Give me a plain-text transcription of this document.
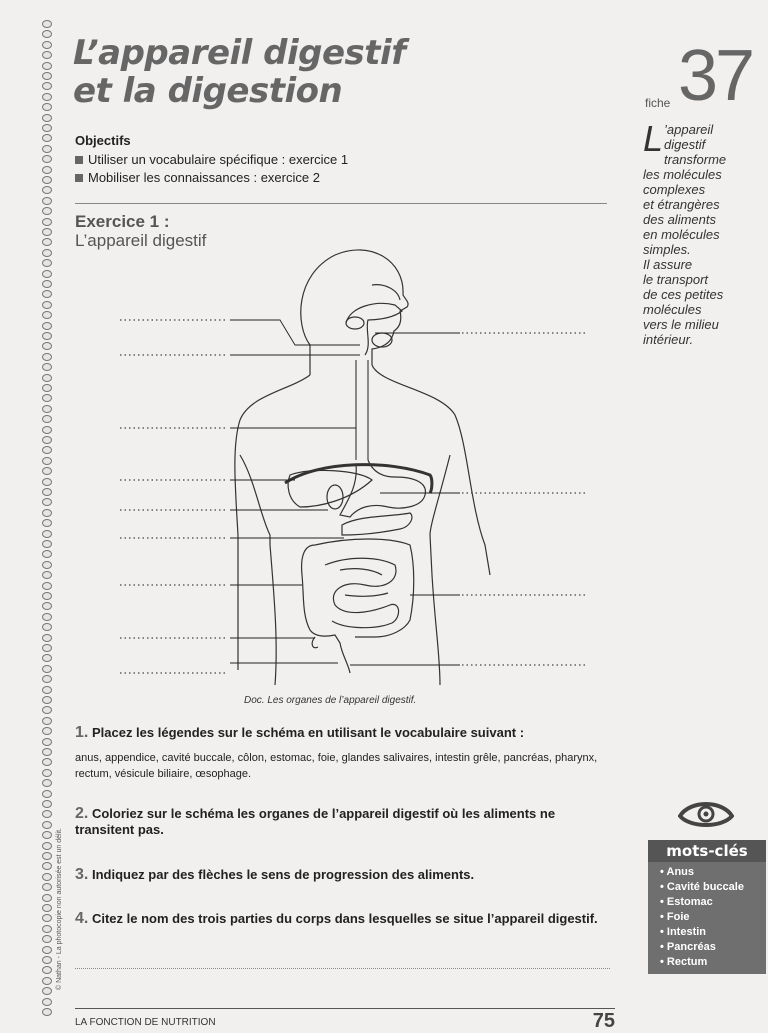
© Nathan - La photocopie non autorisée est un délit.
L’appareil digestif
et la digestion	fiche 37
L ’appareil
digestif
transforme
les molécules
complexes
et étrangères
des aliments
en molécules
simples.
Il assure
le transport
de ces petites
molécules
vers le milieu
intérieur.
Objectifs
Utiliser un vocabulaire spécifique : exercice 1
Mobiliser les connaissances : exercice 2
Exercice 1 :
L’appareil digestif
Doc. Les organes de l’appareil digestif.
1. Placez les légendes sur le schéma en utilisant le vocabulaire suivant :
anus, appendice, cavité buccale, côlon, estomac, foie, glandes salivaires, intestin grêle, pancréas, pharynx, rectum, vésicule biliaire, œsophage.
2. Coloriez sur le schéma les organes de l’appareil digestif où les aliments ne transitent pas.
3. Indiquez par des flèches le sens de progression des aliments.
4. Citez le nom des trois parties du corps dans lesquelles se situe l’appareil digestif.
mots-clés
• Anus
• Cavité buccale
• Estomac
• Foie
• Intestin
• Pancréas
• Rectum
LA FONCTION DE NUTRITION	75
